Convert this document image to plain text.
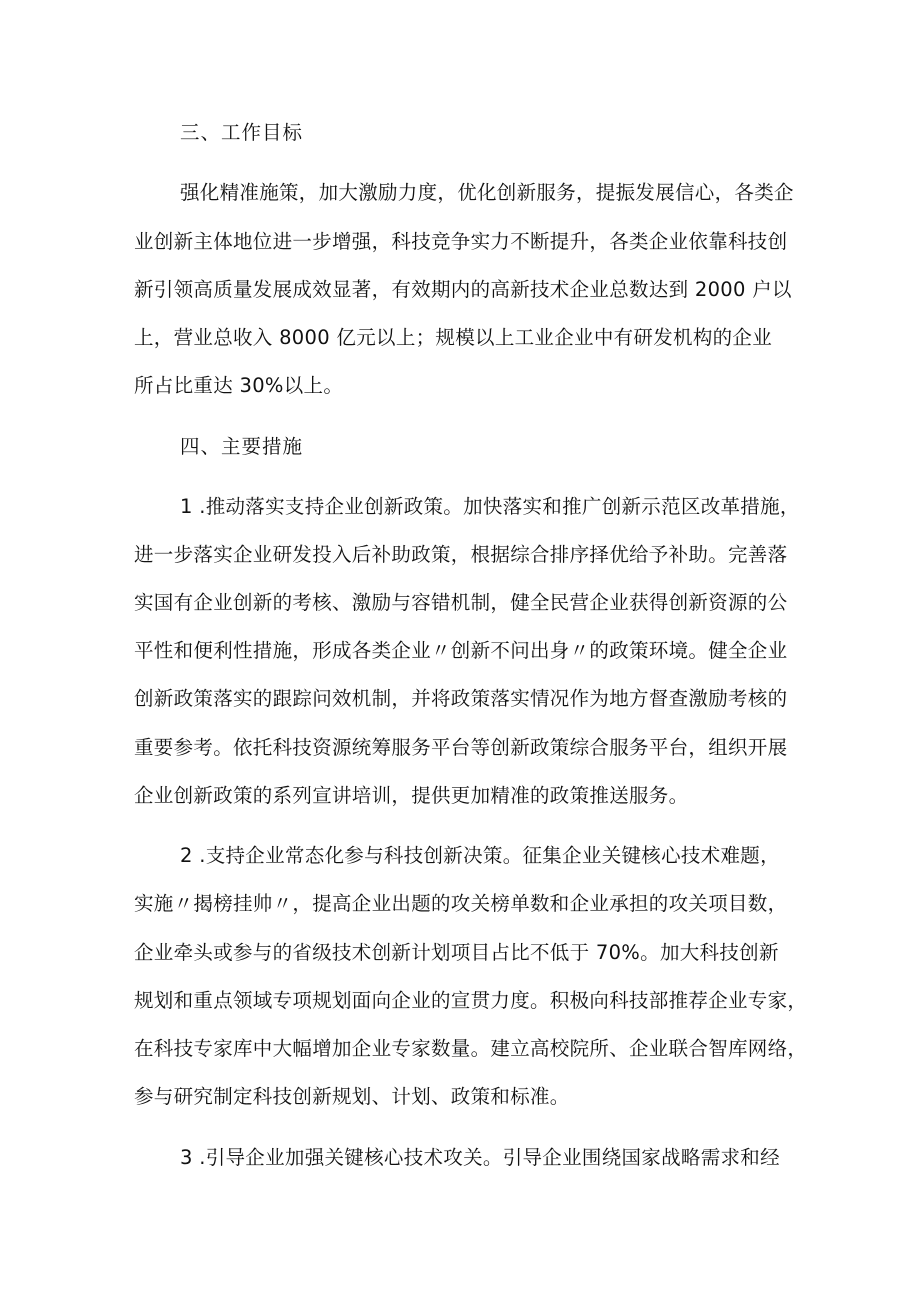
三、工作目标
强化精准施策，加大激励力度，优化创新服务，提振发展信心，各类企
业创新主体地位进一步增强，科技竞争实力不断提升，各类企业依靠科技创
新引领高质量发展成效显著，有效期内的高新技术企业总数达到 2000 户以
上，营业总收入 8000 亿元以上；规模以上工业企业中有研发机构的企业
所占比重达 30%以上。
四、主要措施
1 .推动落实支持企业创新政策。加快落实和推广创新示范区改革措施，
进一步落实企业研发投入后补助政策，根据综合排序择优给予补助。完善落
实国有企业创新的考核、激励与容错机制，健全民营企业获得创新资源的公
平性和便利性措施，形成各类企业〃创新不问出身〃的政策环境。健全企业
创新政策落实的跟踪问效机制，并将政策落实情况作为地方督查激励考核的
重要参考。依托科技资源统筹服务平台等创新政策综合服务平台，组织开展
企业创新政策的系列宣讲培训，提供更加精准的政策推送服务。
2 .支持企业常态化参与科技创新决策。征集企业关键核心技术难题，
实施〃揭榜挂帅〃，提高企业出题的攻关榜单数和企业承担的攻关项目数，
企业牵头或参与的省级技术创新计划项目占比不低于 70%。加大科技创新
规划和重点领域专项规划面向企业的宣贯力度。积极向科技部推荐企业专家，
在科技专家库中大幅增加企业专家数量。建立高校院所、企业联合智库网络，
参与研究制定科技创新规划、计划、政策和标准。
3 .引导企业加强关键核心技术攻关。引导企业围绕国家战略需求和经
